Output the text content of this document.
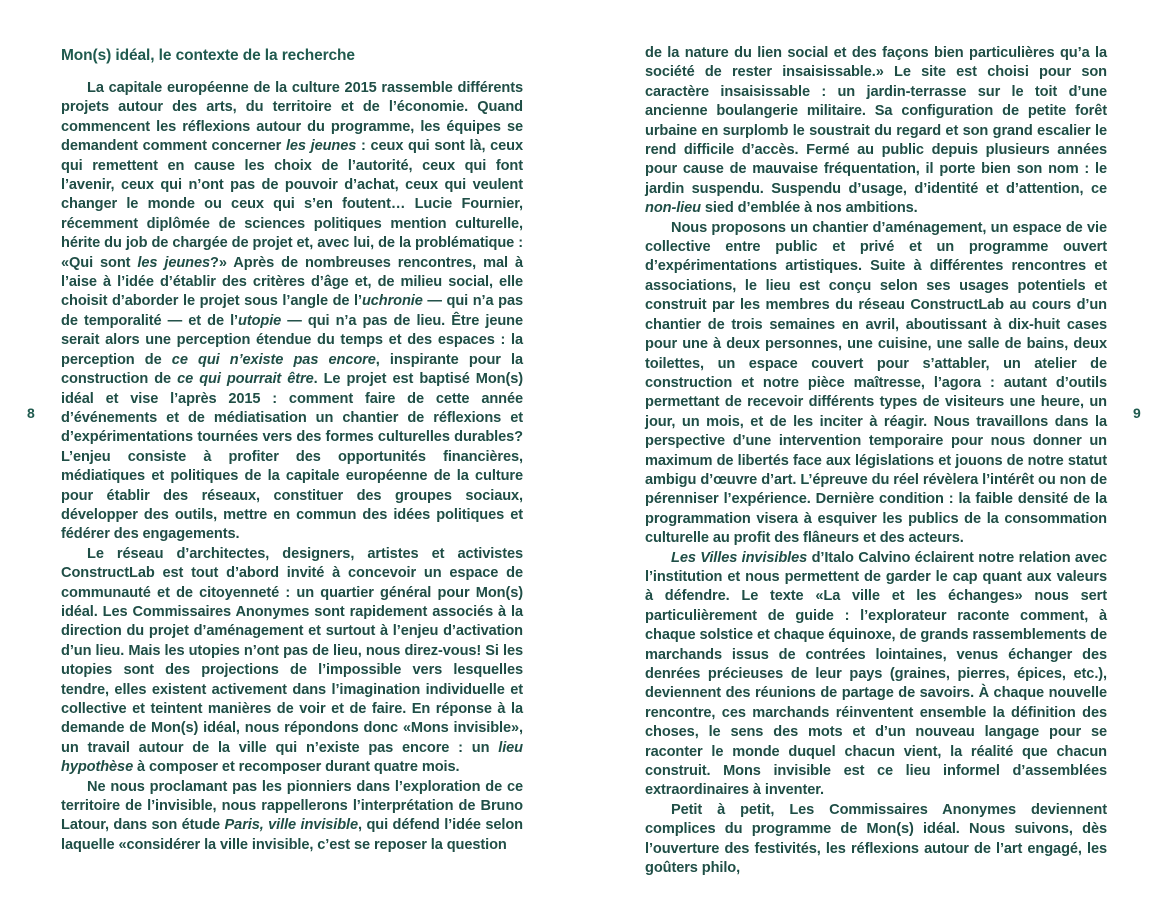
Mon(s) idéal, le contexte de la recherche

La capitale européenne de la culture 2015 rassemble différents projets autour des arts, du territoire et de l’économie. Quand commencent les réflexions autour du programme, les équipes se demandent comment concerner les jeunes : ceux qui sont là, ceux qui remettent en cause les choix de l’autorité, ceux qui font l’avenir, ceux qui n’ont pas de pouvoir d’achat, ceux qui veulent changer le monde ou ceux qui s’en foutent… Lucie Fournier, récemment diplômée de sciences politiques mention culturelle, hérite du job de chargée de projet et, avec lui, de la problématique : «Qui sont les jeunes?» Après de nombreuses rencontres, mal à l’aise à l’idée d’établir des critères d’âge et, de milieu social, elle choisit d’aborder le projet sous l’angle de l’uchronie — qui n’a pas de temporalité — et de l’utopie — qui n’a pas de lieu. Être jeune serait alors une perception étendue du temps et des espaces : la perception de ce qui n’existe pas encore, inspirante pour la construction de ce qui pourrait être. Le projet est baptisé Mon(s) idéal et vise l’après 2015 : comment faire de cette année d’événements et de médiatisation un chantier de réflexions et d’expérimentations tournées vers des formes culturelles durables? L’enjeu consiste à profiter des opportunités financières, médiatiques et politiques de la capitale européenne de la culture pour établir des réseaux, constituer des groupes sociaux, développer des outils, mettre en commun des idées politiques et fédérer des engagements.

Le réseau d’architectes, designers, artistes et activistes ConstructLab est tout d’abord invité à concevoir un espace de communauté et de citoyenneté : un quartier général pour Mon(s) idéal. Les Commissaires Anonymes sont rapidement associés à la direction du projet d’aménagement et surtout à l’enjeu d’activation d’un lieu. Mais les utopies n’ont pas de lieu, nous direz-vous! Si les utopies sont des projections de l’impossible vers lesquelles tendre, elles existent activement dans l’imagination individuelle et collective et teintent manières de voir et de faire. En réponse à la demande de Mon(s) idéal, nous répondons donc «Mons invisible», un travail autour de la ville qui n’existe pas encore : un lieu hypothèse à composer et recomposer durant quatre mois.

Ne nous proclamant pas les pionniers dans l’exploration de ce territoire de l’invisible, nous rappellerons l’interprétation de Bruno Latour, dans son étude Paris, ville invisible, qui défend l’idée selon laquelle «considérer la ville invisible, c’est se reposer la question

8	9

de la nature du lien social et des façons bien particulières qu’a la société de rester insaisissable.» Le site est choisi pour son caractère insaisissable : un jardin-terrasse sur le toit d’une ancienne boulangerie militaire. Sa configuration de petite forêt urbaine en surplomb le soustrait du regard et son grand escalier le rend difficile d’accès. Fermé au public depuis plusieurs années pour cause de mauvaise fréquentation, il porte bien son nom : le jardin suspendu. Suspendu d’usage, d’identité et d’attention, ce non-lieu sied d’emblée à nos ambitions.

Nous proposons un chantier d’aménagement, un espace de vie collective entre public et privé et un programme ouvert d’expérimentations artistiques. Suite à différentes rencontres et associations, le lieu est conçu selon ses usages potentiels et construit par les membres du réseau ConstructLab au cours d’un chantier de trois semaines en avril, aboutissant à dix-huit cases pour une à deux personnes, une cuisine, une salle de bains, deux toilettes, un espace couvert pour s’attabler, un atelier de construction et notre pièce maîtresse, l’agora : autant d’outils permettant de recevoir différents types de visiteurs une heure, un jour, un mois, et de les inciter à réagir. Nous travaillons dans la perspective d’une intervention temporaire pour nous donner un maximum de libertés face aux législations et jouons de notre statut ambigu d’œuvre d’art. L’épreuve du réel révèlera l’intérêt ou non de pérenniser l’expérience. Dernière condition : la faible densité de la programmation visera à esquiver les publics de la consommation culturelle au profit des flâneurs et des acteurs.

Les Villes invisibles d’Italo Calvino éclairent notre relation avec l’institution et nous permettent de garder le cap quant aux valeurs à défendre. Le texte «La ville et les échanges» nous sert particulièrement de guide : l’explorateur raconte comment, à chaque solstice et chaque équinoxe, de grands rassemblements de marchands issus de contrées lointaines, venus échanger des denrées précieuses de leur pays (graines, pierres, épices, etc.), deviennent des réunions de partage de savoirs. À chaque nouvelle rencontre, ces marchands réinventent ensemble la définition des choses, le sens des mots et d’un nouveau langage pour se raconter le monde duquel chacun vient, la réalité que chacun construit. Mons invisible est ce lieu informel d’assemblées extraordinaires à inventer.

Petit à petit, Les Commissaires Anonymes deviennent complices du programme de Mon(s) idéal. Nous suivons, dès l’ouverture des festivités, les réflexions autour de l’art engagé, les goûters philo,
